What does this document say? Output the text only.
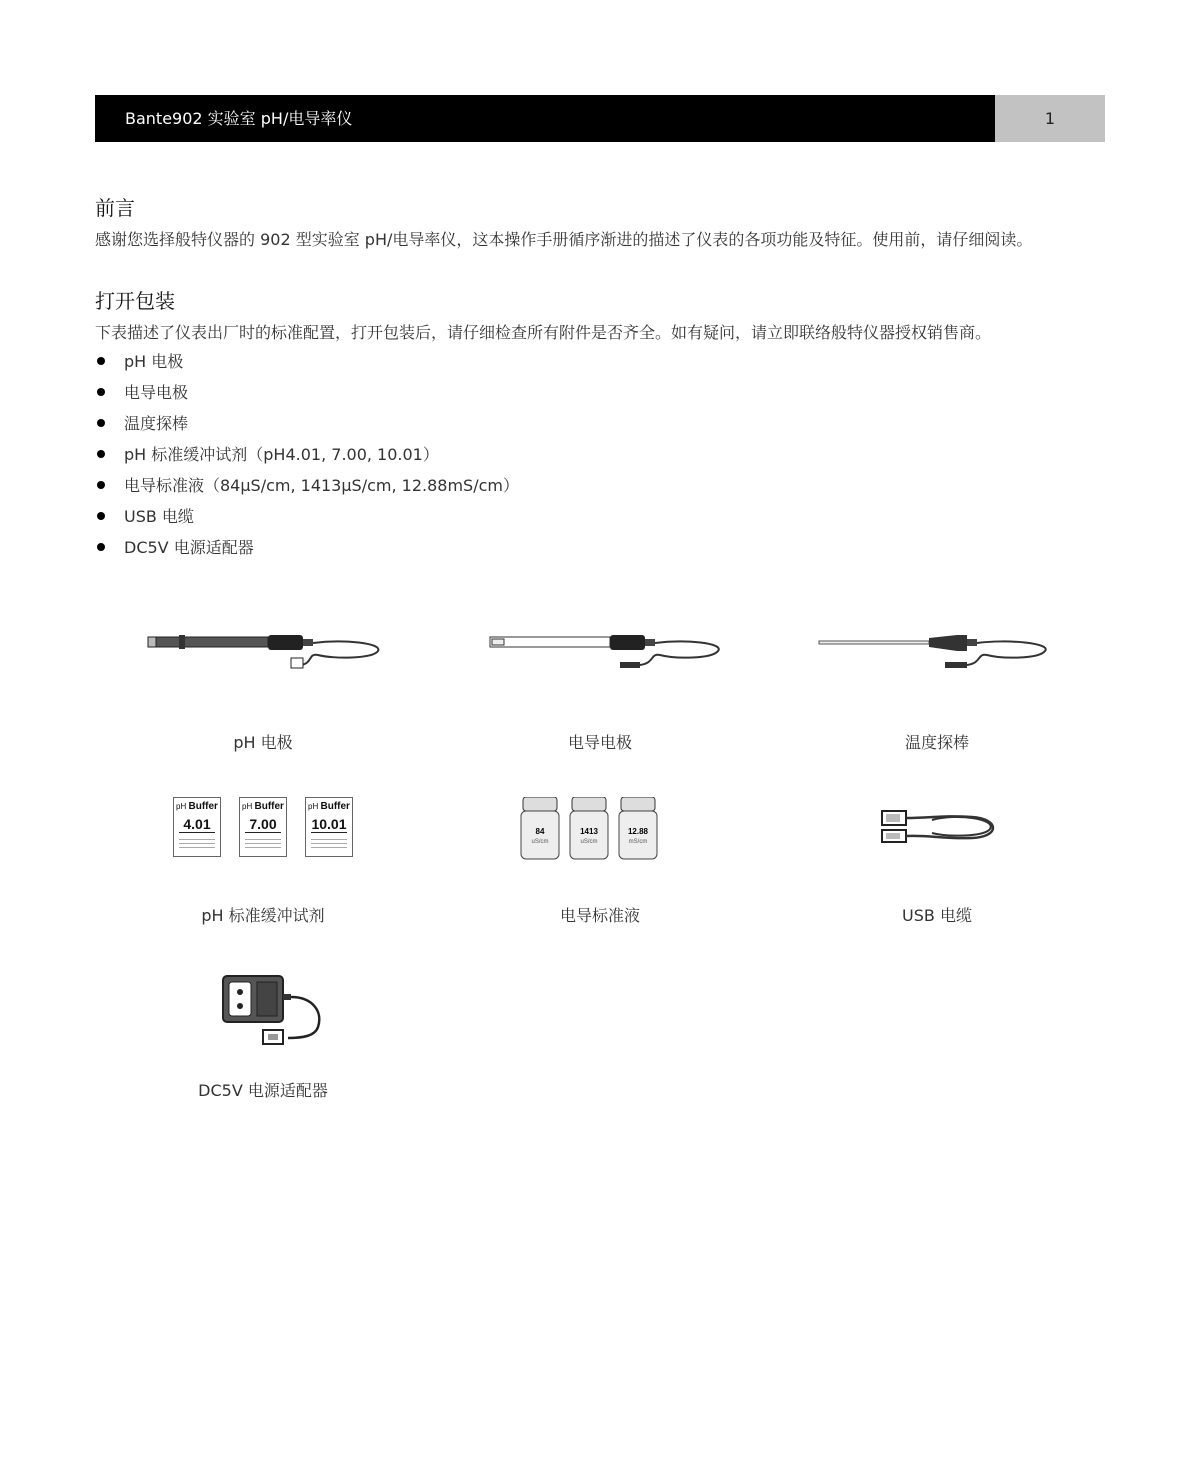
Bante902 实验室 pH/电导率仪	1
前言

感谢您选择般特仪器的 902 型实验室 pH/电导率仪，这本操作手册循序渐进的描述了仪表的各项功能及特征。使用前，请仔细阅读。

打开包装

下表描述了仪表出厂时的标准配置，打开包装后，请仔细检查所有附件是否齐全。如有疑问，请立即联络般特仪器授权销售商。

pH 电极
电导电极
温度探棒
pH 标准缓冲试剂（pH4.01, 7.00, 10.01）
电导标准液（84μS/cm, 1413μS/cm, 12.88mS/cm）
USB 电缆
DC5V 电源适配器
pH 电极	电导电极	温度探棒
pH Buffer
4.01
pH Buffer
7.00
pH Buffer
10.01	84
uS/cm
1413
uS/cm
12.88
mS/cm
pH 标准缓冲试剂	电导标准液	USB 电缆
DC5V 电源适配器
